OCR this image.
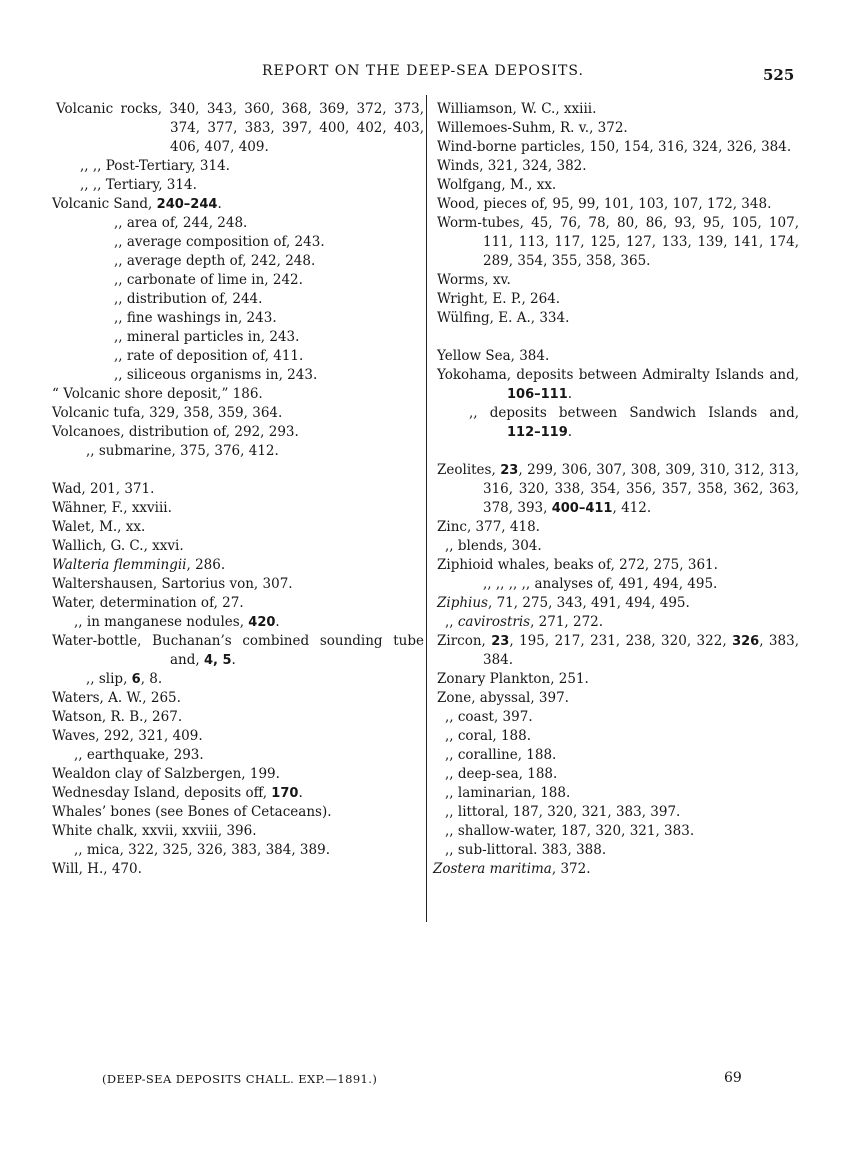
REPORT ON THE DEEP-SEA DEPOSITS.	525
Volcanic rocks, 340, 343, 360, 368, 369, 372, 373,
374, 377, 383, 397, 400, 402, 403,
406, 407, 409.
,, ,, Post-Tertiary, 314.
,, ,, Tertiary, 314.
Volcanic Sand, 240–244.
,, area of, 244, 248.
,, average composition of, 243.
,, average depth of, 242, 248.
,, carbonate of lime in, 242.
,, distribution of, 244.
,, fine washings in, 243.
,, mineral particles in, 243.
,, rate of deposition of, 411.
,, siliceous organisms in, 243.
“ Volcanic shore deposit,” 186.
Volcanic tufa, 329, 358, 359, 364.
Volcanoes, distribution of, 292, 293.
,, submarine, 375, 376, 412.
Wad, 201, 371.
Wähner, F., xxviii.
Walet, M., xx.
Wallich, G. C., xxvi.
Walteria flemmingii, 286.
Waltershausen, Sartorius von, 307.
Water, determination of, 27.
,, in manganese nodules, 420.
Water-bottle, Buchanan’s combined sounding tube
and, 4, 5.
,, slip, 6, 8.
Waters, A. W., 265.
Watson, R. B., 267.
Waves, 292, 321, 409.
,, earthquake, 293.
Wealdon clay of Salzbergen, 199.
Wednesday Island, deposits off, 170.
Whales’ bones (see Bones of Cetaceans).
White chalk, xxvii, xxviii, 396.
,, mica, 322, 325, 326, 383, 384, 389.
Will, H., 470.
Williamson, W. C., xxiii.
Willemoes-Suhm, R. v., 372.
Wind-borne particles, 150, 154, 316, 324, 326, 384.
Winds, 321, 324, 382.
Wolfgang, M., xx.
Wood, pieces of, 95, 99, 101, 103, 107, 172, 348.
Worm-tubes, 45, 76, 78, 80, 86, 93, 95, 105, 107,
111, 113, 117, 125, 127, 133, 139, 141, 174,
289, 354, 355, 358, 365.
Worms, xv.
Wright, E. P., 264.
Wülfing, E. A., 334.
Yellow Sea, 384.
Yokohama, deposits between Admiralty Islands and,
106–111.
,, deposits between Sandwich Islands and,
112–119.
Zeolites, 23, 299, 306, 307, 308, 309, 310, 312, 313,
316, 320, 338, 354, 356, 357, 358, 362, 363,
378, 393, 400–411, 412.
Zinc, 377, 418.
,, blends, 304.
Ziphioid whales, beaks of, 272, 275, 361.
,, ,, ,, ,, analyses of, 491, 494, 495.
Ziphius, 71, 275, 343, 491, 494, 495.
,, cavirostris, 271, 272.
Zircon, 23, 195, 217, 231, 238, 320, 322, 326, 383,
384.
Zonary Plankton, 251.
Zone, abyssal, 397.
,, coast, 397.
,, coral, 188.
,, coralline, 188.
,, deep-sea, 188.
,, laminarian, 188.
,, littoral, 187, 320, 321, 383, 397.
,, shallow-water, 187, 320, 321, 383.
,, sub-littoral. 383, 388.
Zostera maritima, 372.
(DEEP-SEA DEPOSITS CHALL. EXP.—1891.)	69
